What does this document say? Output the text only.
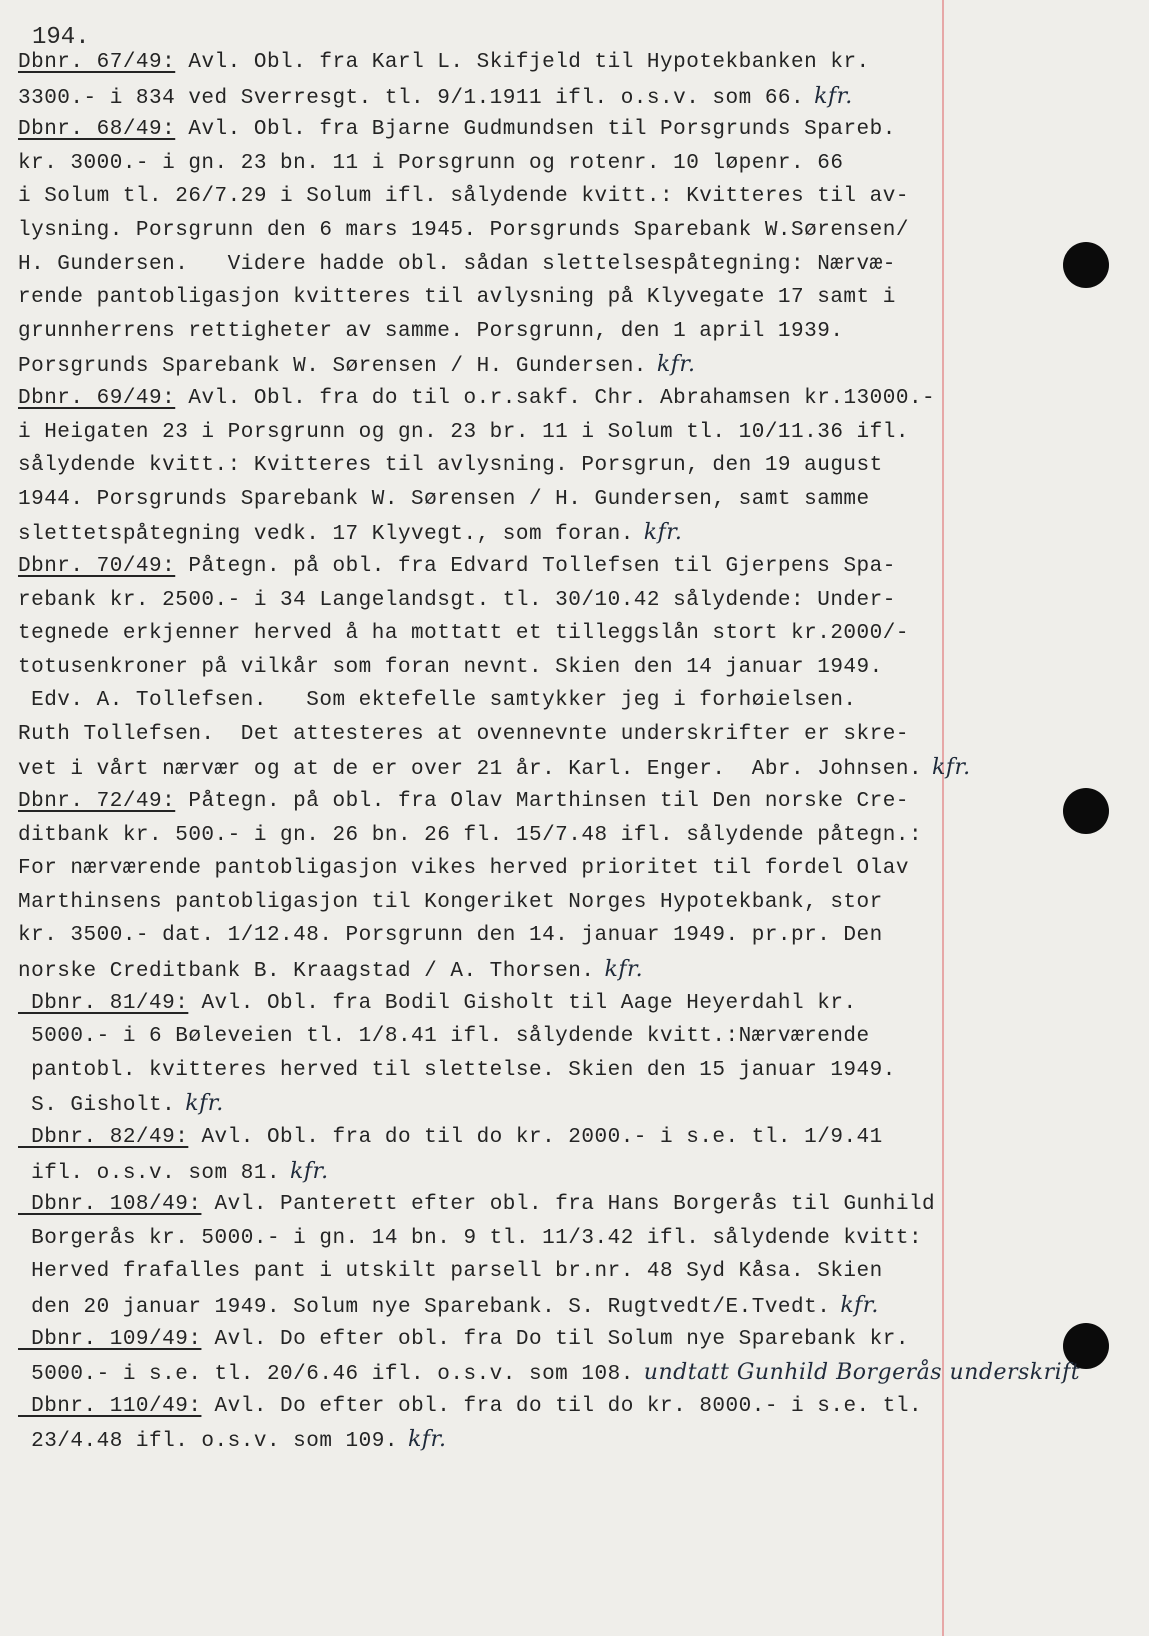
194.
Dbnr. 67/49: Avl. Obl. fra Karl L. Skifjeld til Hypotekbanken kr.
3300.- i 834 ved Sverresgt. tl. 9/1.1911 ifl. o.s.v. som 66. kfr.
Dbnr. 68/49: Avl. Obl. fra Bjarne Gudmundsen til Porsgrunds Spareb.
kr. 3000.- i gn. 23 bn. 11 i Porsgrunn og rotenr. 10 løpenr. 66
i Solum tl. 26/7.29 i Solum ifl. sålydende kvitt.: Kvitteres til av-
lysning. Porsgrunn den 6 mars 1945. Porsgrunds Sparebank W.Sørensen/
H. Gundersen.   Videre hadde obl. sådan slettelsespåtegning: Nærvæ-
rende pantobligasjon kvitteres til avlysning på Klyvegate 17 samt i
grunnherrens rettigheter av samme. Porsgrunn, den 1 april 1939.
Porsgrunds Sparebank W. Sørensen / H. Gundersen. kfr.
Dbnr. 69/49: Avl. Obl. fra do til o.r.sakf. Chr. Abrahamsen kr.13000.-
i Heigaten 23 i Porsgrunn og gn. 23 br. 11 i Solum tl. 10/11.36 ifl.
sålydende kvitt.: Kvitteres til avlysning. Porsgrun, den 19 august
1944. Porsgrunds Sparebank W. Sørensen / H. Gundersen, samt samme
slettetspåtegning vedk. 17 Klyvegt., som foran. kfr.
Dbnr. 70/49: Påtegn. på obl. fra Edvard Tollefsen til Gjerpens Spa-
rebank kr. 2500.- i 34 Langelandsgt. tl. 30/10.42 sålydende: Under-
tegnede erkjenner herved å ha mottatt et tilleggslån stort kr.2000/-
totusenkroner på vilkår som foran nevnt. Skien den 14 januar 1949.
Edv. A. Tollefsen.   Som ektefelle samtykker jeg i forhøielsen.
Ruth Tollefsen.  Det attesteres at ovennevnte underskrifter er skre-
vet i vårt nærvær og at de er over 21 år. Karl. Enger.  Abr. Johnsen. kfr.
Dbnr. 72/49: Påtegn. på obl. fra Olav Marthinsen til Den norske Cre-
ditbank kr. 500.- i gn. 26 bn. 26 fl. 15/7.48 ifl. sålydende påtegn.:
For nærværende pantobligasjon vikes herved prioritet til fordel Olav
Marthinsens pantobligasjon til Kongeriket Norges Hypotekbank, stor
kr. 3500.- dat. 1/12.48. Porsgrunn den 14. januar 1949. pr.pr. Den
norske Creditbank B. Kraagstad / A. Thorsen. kfr.
Dbnr. 81/49: Avl. Obl. fra Bodil Gisholt til Aage Heyerdahl kr.
5000.- i 6 Bøleveien tl. 1/8.41 ifl. sålydende kvitt.:Nærværende
pantobl. kvitteres herved til slettelse. Skien den 15 januar 1949.
S. Gisholt. kfr.
Dbnr. 82/49: Avl. Obl. fra do til do kr. 2000.- i s.e. tl. 1/9.41
ifl. o.s.v. som 81. kfr.
Dbnr. 108/49: Avl. Panterett efter obl. fra Hans Borgerås til Gunhild
Borgerås kr. 5000.- i gn. 14 bn. 9 tl. 11/3.42 ifl. sålydende kvitt:
Herved frafalles pant i utskilt parsell br.nr. 48 Syd Kåsa. Skien
den 20 januar 1949. Solum nye Sparebank. S. Rugtvedt/E.Tvedt. kfr.
Dbnr. 109/49: Avl. Do efter obl. fra Do til Solum nye Sparebank kr.
5000.- i s.e. tl. 20/6.46 ifl. o.s.v. som 108. undtatt Gunhild Borgerås underskrift
Dbnr. 110/49: Avl. Do efter obl. fra do til do kr. 8000.- i s.e. tl.
23/4.48 ifl. o.s.v. som 109. kfr.
